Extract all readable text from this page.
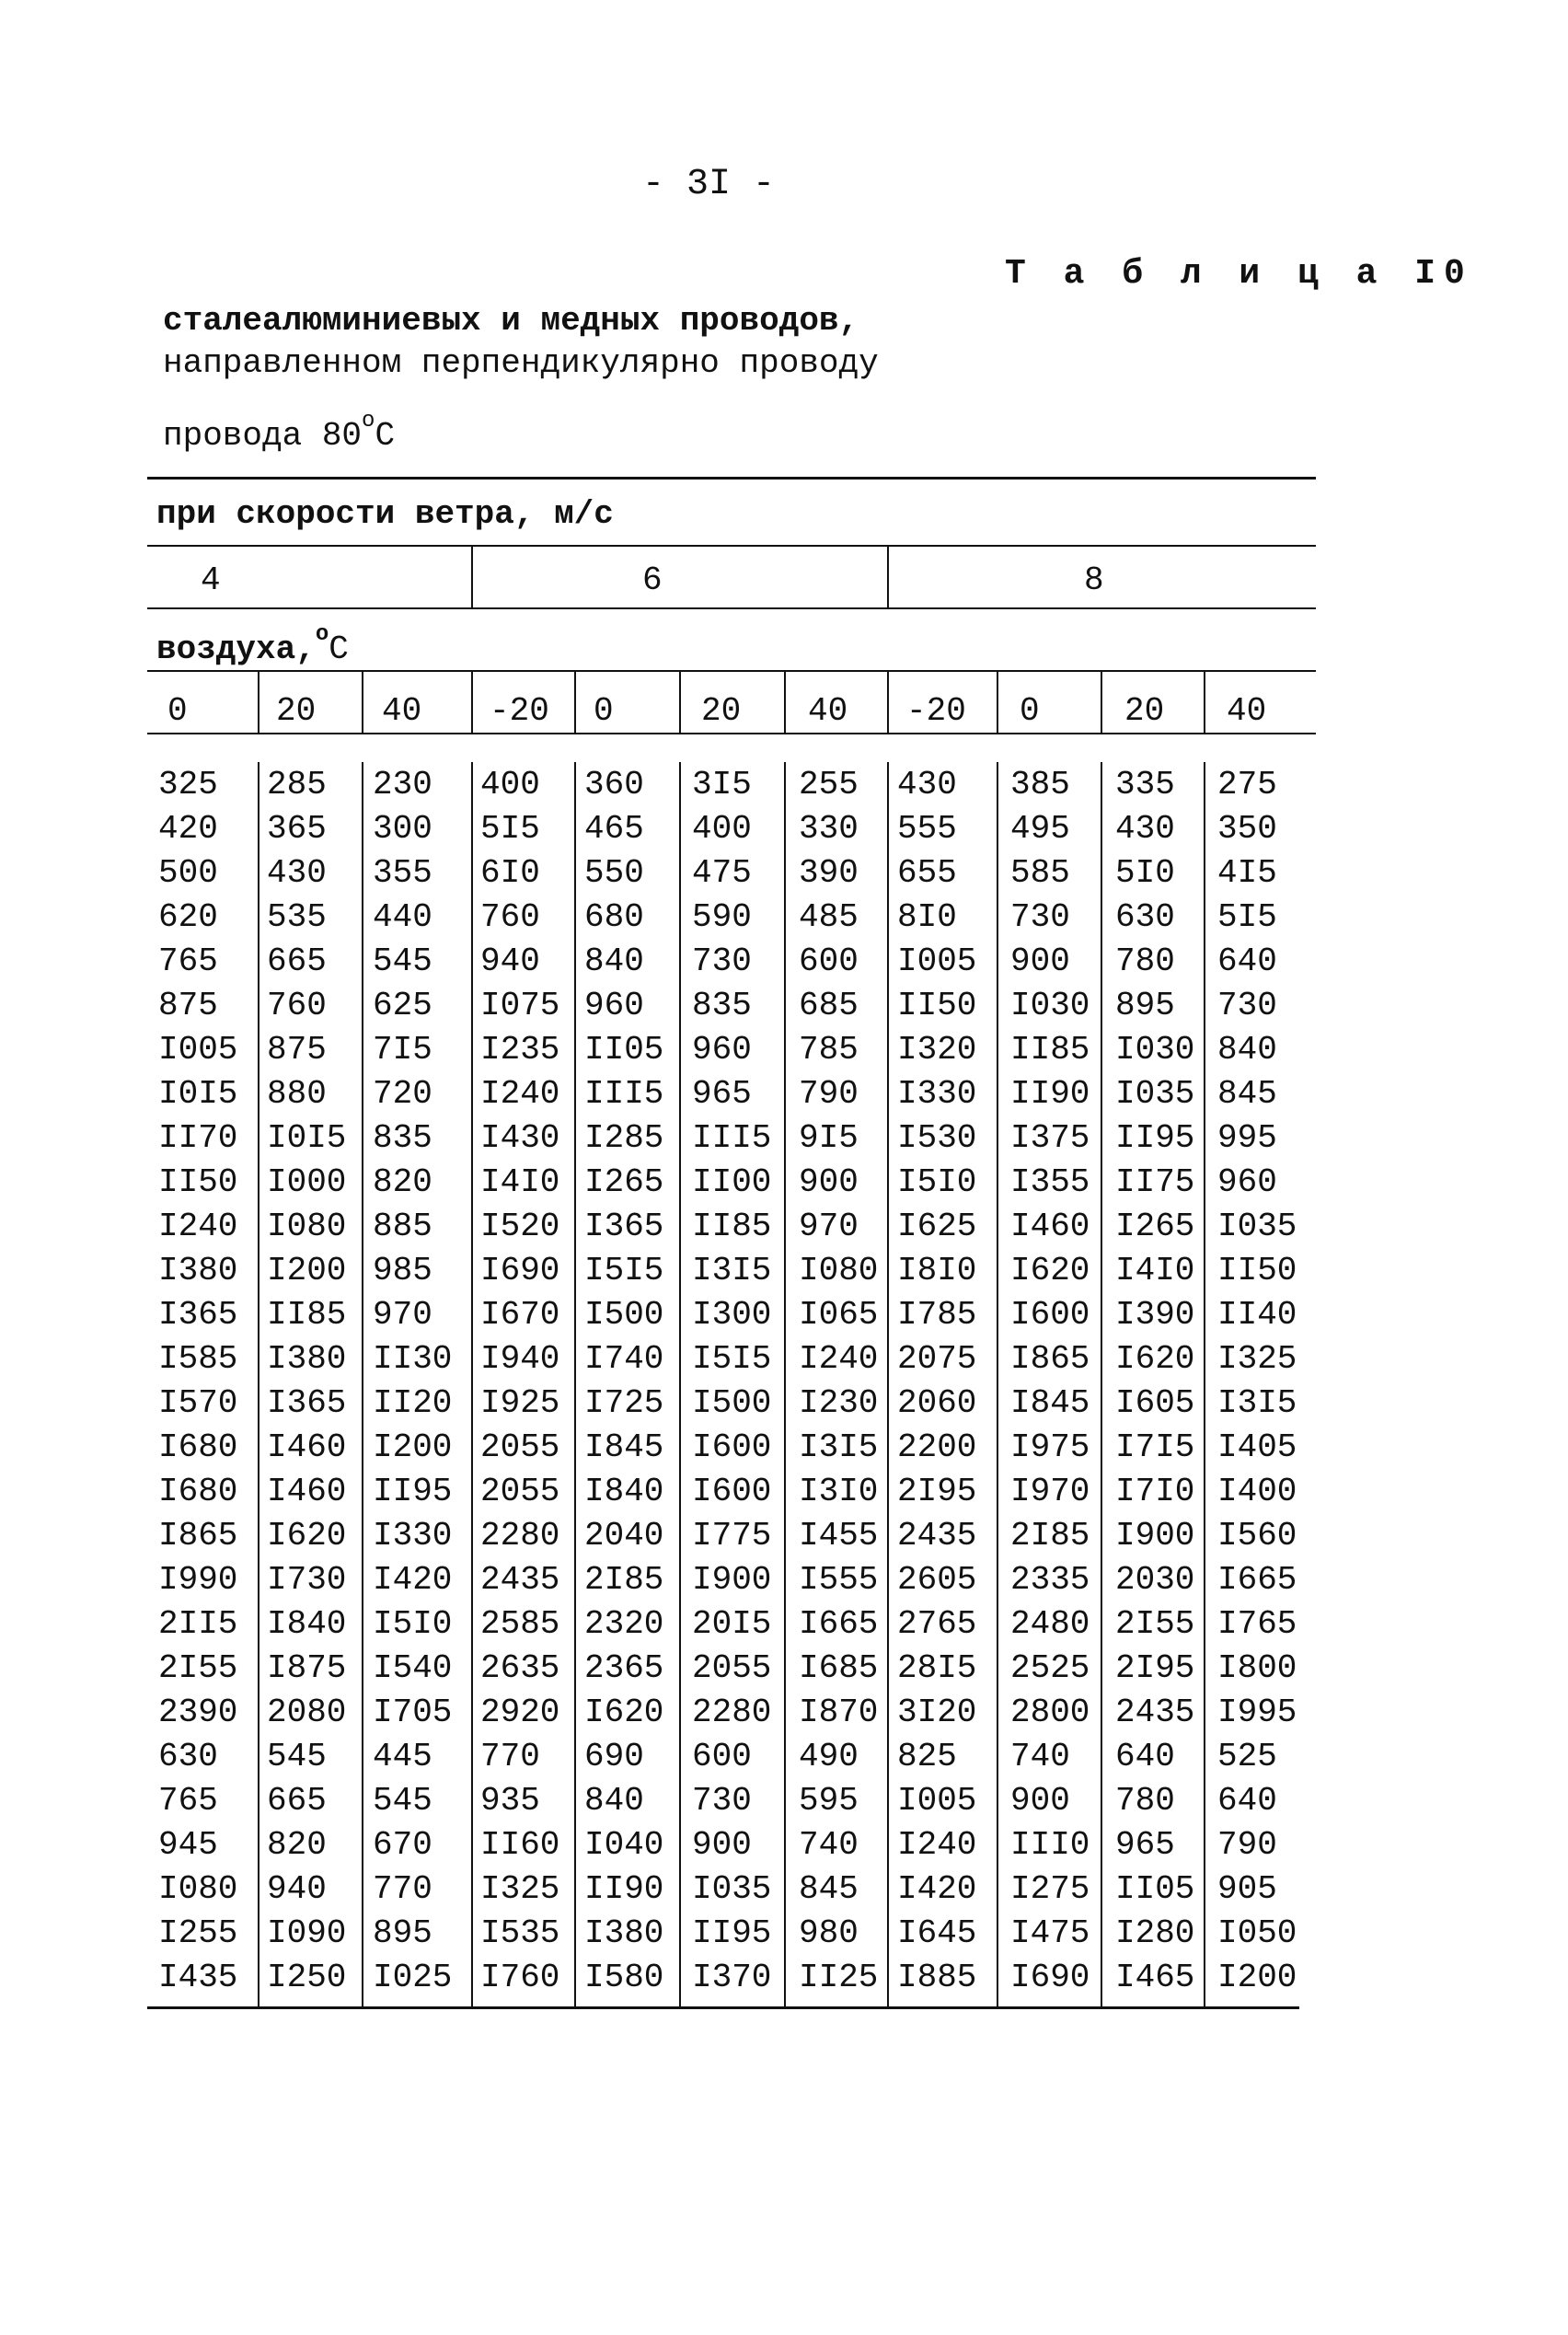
- 3I -
Т а б л и ц а I0
сталеалюминиевых и медных проводов,
направленном перпендикулярно проводу
провода $80^оС$
при скорости ветра, м/с
4	6	8
воздуха,$^о$С
0	20 40 -20 0	20 40 -20 0	20 40
325 285 230 400 360 3I5 255 430 385 335 275
420 365 300 5I5 465 400 330 555 495 430 350
500 430 355 6I0 550 475 390 655 585 5I0 4I5
620 535 440 760 680 590 485 8I0 730 630 5I5
765 665 545 940 840 730 600 I005 900 780 640
875 760 625 I075 960 835 685 II50 I030 895 730
I005 875 7I5 I235 II05 960 785 I320 II85 I030 840
I0I5 880 720 I240 III5 965 790 I330 II90 I035 845
II70 I0I5 835 I430 I285 III5 9I5 I530 I375 II95 995
II50 I000 820 I4I0 I265 II00 900 I5I0 I355 II75 960
I240 I080 885 I520 I365 II85 970 I625 I460 I265 I035
I380 I200 985 I690 I5I5 I3I5 I080 I8I0 I620 I4I0 II50
I365 II85 970 I670 I500 I300 I065 I785 I600 I390 II40
I585 I380 II30 I940 I740 I5I5 I240 2075 I865 I620 I325
I570 I365 II20 I925 I725 I500 I230 2060 I845 I605 I3I5
I680 I460 I200 2055 I845 I600 I3I5 2200 I975 I7I5 I405
I680 I460 II95 2055 I840 I600 I3I0 2I95 I970 I7I0 I400
I865 I620 I330 2280 2040 I775 I455 2435 2I85 I900 I560
I990 I730 I420 2435 2I85 I900 I555 2605 2335 2030 I665
2II5 I840 I5I0 2585 2320 20I5 I665 2765 2480 2I55 I765
2I55 I875 I540 2635 2365 2055 I685 28I5 2525 2I95 I800
2390 2080 I705 2920 I620 2280 I870 3I20 2800 2435 I995
630 545 445 770 690 600 490 825 740 640 525
765 665 545 935 840 730 595 I005 900 780 640
945 820 670 II60 I040 900 740 I240 III0 965 790
I080 940 770 I325 II90 I035 845 I420 I275 II05 905
I255 I090 895 I535 I380 II95 980 I645 I475 I280 I050
I435 I250 I025 I760 I580 I370 II25 I885 I690 I465 I200
